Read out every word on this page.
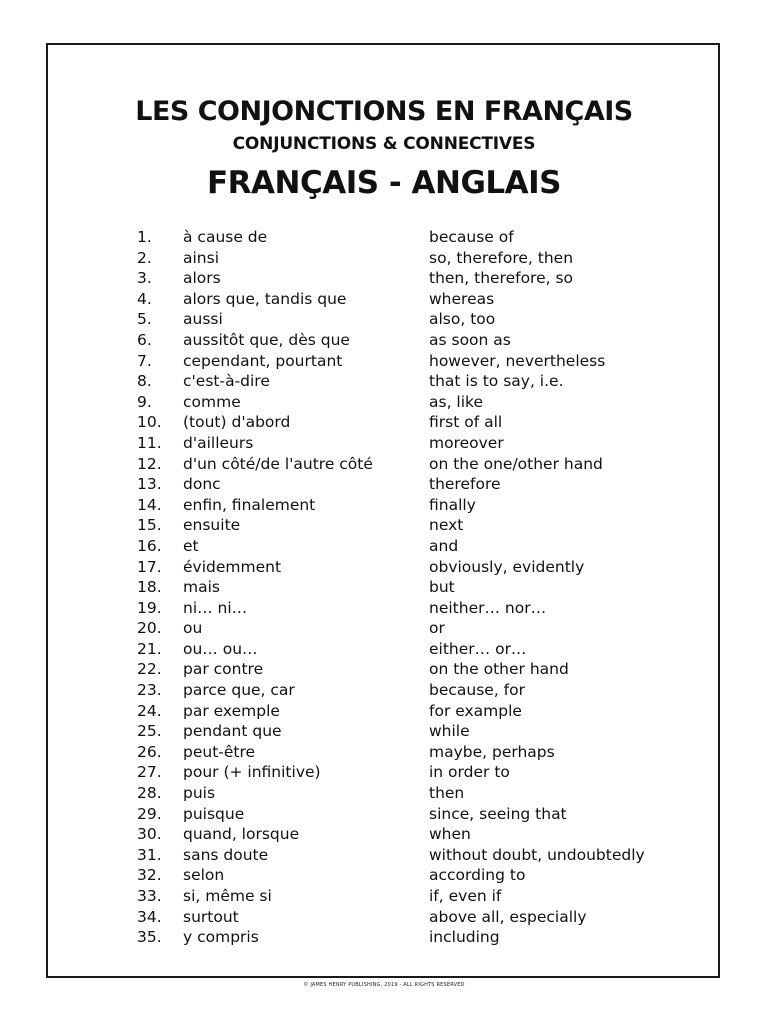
LES CONJONCTIONS EN FRANÇAIS
CONJUNCTIONS & CONNECTIVES
FRANÇAIS - ANGLAIS
1.	à cause de	because of
2.	ainsi	so, therefore, then
3.	alors	then, therefore, so
4.	alors que, tandis que	whereas
5.	aussi	also, too
6.	aussitôt que, dès que	as soon as
7.	cependant, pourtant	however, nevertheless
8.	c'est-à-dire	that is to say, i.e.
9.	comme	as, like
10.	(tout) d'abord	first of all
11.	d'ailleurs	moreover
12.	d'un côté/de l'autre côté	on the one/other hand
13.	donc	therefore
14.	enfin, finalement	finally
15.	ensuite	next
16.	et	and
17.	évidemment	obviously, evidently
18.	mais	but
19.	ni… ni…	neither… nor…
20.	ou	or
21.	ou… ou…	either… or…
22.	par contre	on the other hand
23.	parce que, car	because, for
24.	par exemple	for example
25.	pendant que	while
26.	peut-être	maybe, perhaps
27.	pour (+ infinitive)	in order to
28.	puis	then
29.	puisque	since, seeing that
30.	quand, lorsque	when
31.	sans doute	without doubt, undoubtedly
32.	selon	according to
33.	si, même si	if, even if
34.	surtout	above all, especially
35.	y compris	including
© JAMES HENRY PUBLISHING, 2019 - ALL RIGHTS RESERVED
